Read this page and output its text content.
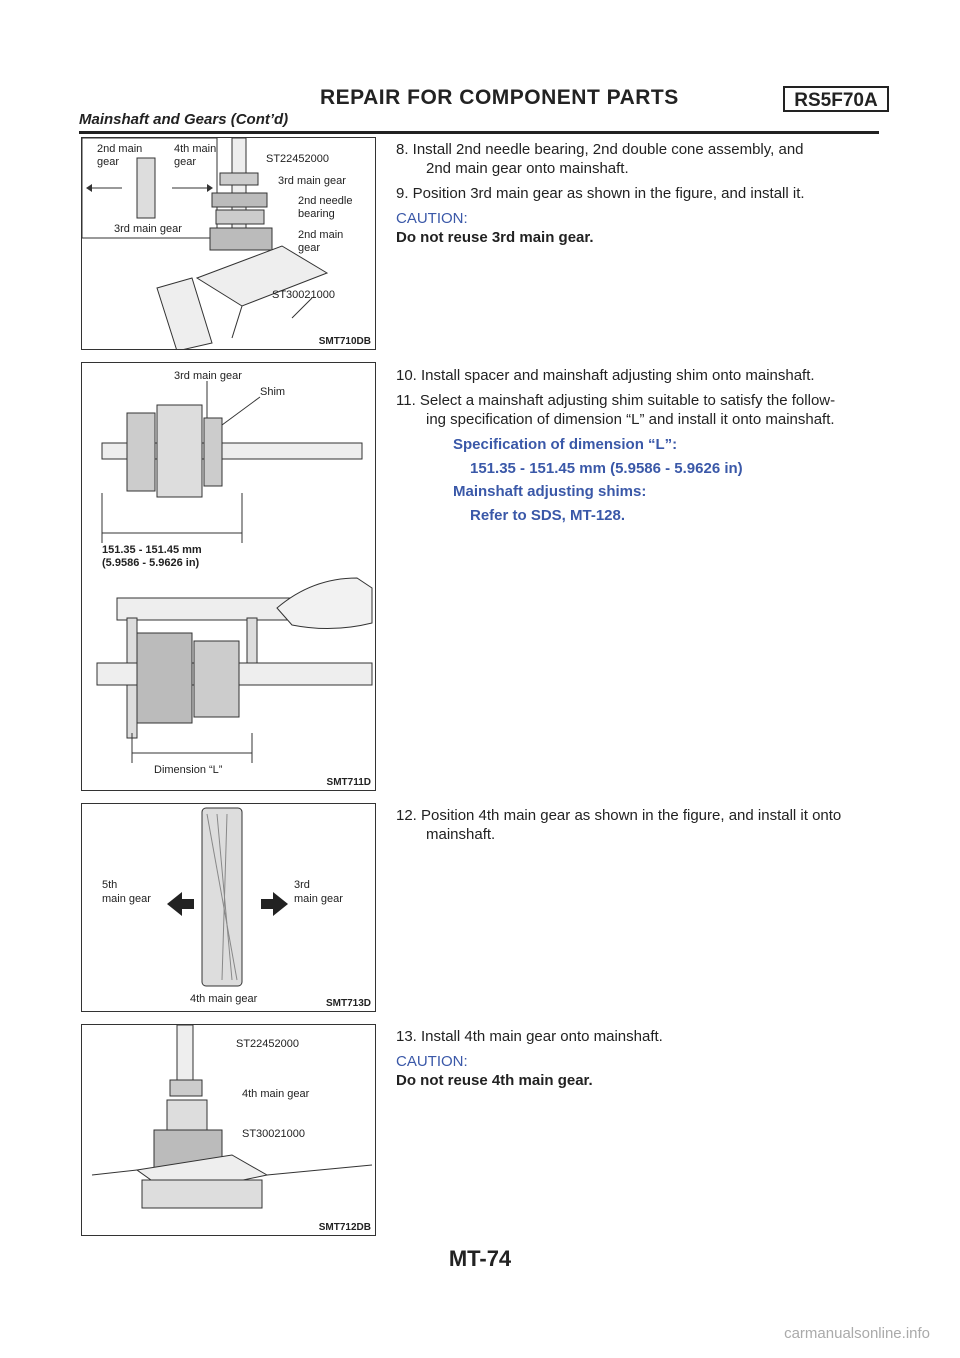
REPAIR FOR COMPONENT PARTS	RS5F70A
Mainshaft and Gears (Cont’d)
2nd main
gear
4th main
gear
3rd main gear
ST22452000
3rd main gear
2nd needle
bearing
2nd main
gear
ST30021000
SMT710DB
3rd main gear
Shim
151.35 - 151.45 mm
(5.9586 - 5.9626 in)
Dimension “L”
SMT711D
5th
main gear
3rd
main gear
4th main gear	SMT713D
ST22452000
4th main gear
ST30021000
SMT712DB
8. Install 2nd needle bearing, 2nd double cone assembly, and
2nd main gear onto mainshaft.
9. Position 3rd main gear as shown in the figure, and install it.
CAUTION:
Do not reuse 3rd main gear.
10. Install spacer and mainshaft adjusting shim onto mainshaft.
11. Select a mainshaft adjusting shim suitable to satisfy the follow-
ing specification of dimension “L” and install it onto mainshaft.
Specification of dimension “L”:
151.35 - 151.45 mm (5.9586 - 5.9626 in)
Mainshaft adjusting shims:
Refer to SDS, MT-128.
12. Position 4th main gear as shown in the figure, and install it onto
mainshaft.
13. Install 4th main gear onto mainshaft.
CAUTION:
Do not reuse 4th main gear.
MT-74
carmanualsonline.info
